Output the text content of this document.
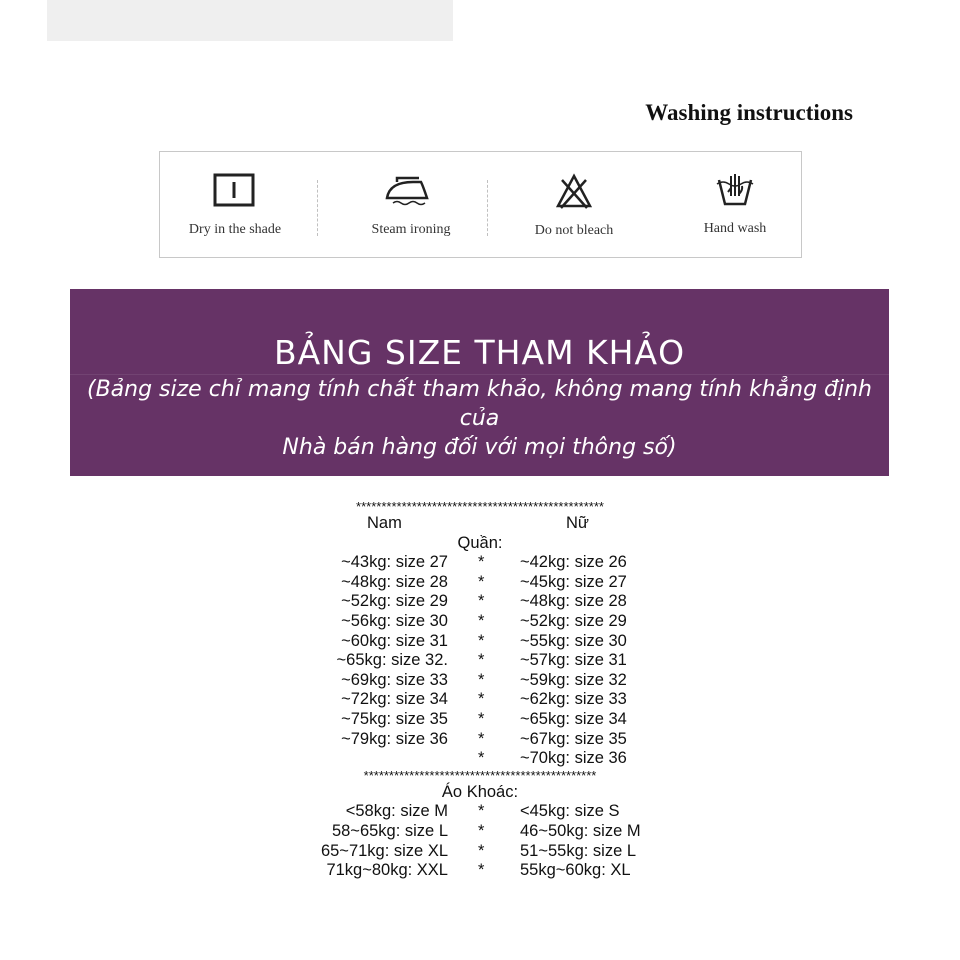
Washing instructions
Dry in the shade	Steam ironing	Do not bleach	Hand wash
BẢNG SIZE THAM KHẢO
(Bảng size chỉ mang tính chất tham khảo, không mang tính khẳng định của
Nhà bán hàng đối với mọi thông số)
*************************************************
Nam	Nữ
Quần:
~43kg: size 27 * ~42kg: size 26
~48kg: size 28 * ~45kg: size 27
~52kg: size 29 * ~48kg: size 28
~56kg: size 30 * ~52kg: size 29
~60kg: size 31 * ~55kg: size 30
~65kg: size 32. * ~57kg: size 31
~69kg: size 33 * ~59kg: size 32
~72kg: size 34 * ~62kg: size 33
~75kg: size 35 * ~65kg: size 34
~79kg: size 36 * ~67kg: size 35
* ~70kg: size 36
**********************************************
Áo Khoác:
<58kg: size M * <45kg: size S
58~65kg: size L * 46~50kg: size M
65~71kg: size XL * 51~55kg: size L
71kg~80kg: XXL * 55kg~60kg: XL
